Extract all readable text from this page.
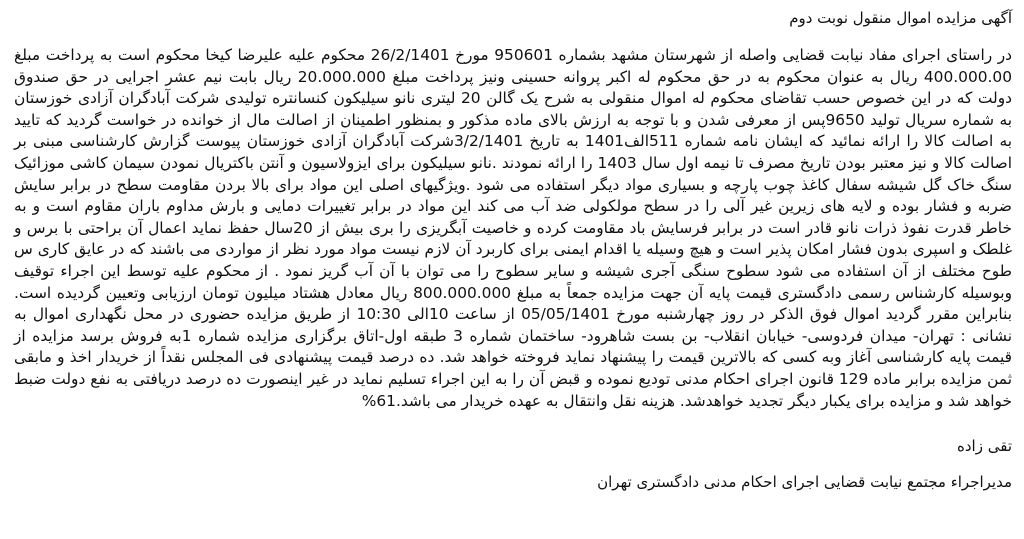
آگهی مزایده اموال منقول نوبت دوم

در راستای اجرای مفاد نیابت قضایی واصله از شهرستان مشهد بشماره 950601 مورخ 26/2/1401 محکوم علیه علیرضا کیخا محکوم است به پرداخت مبلغ 400.000.00 ریال به عنوان محکوم به در حق محکوم له اکبر پروانه حسینی ونیز پرداخت مبلغ 20.000.000 ریال بابت نیم عشر اجرایی در حق صندوق دولت که در این خصوص حسب تقاضای محکوم له اموال منقولی به شرح یک گالن 20 لیتری نانو سیلیکون کنسانتره تولیدی شرکت آبادگران آزادی خوزستان به شماره سریال تولید 9650پس از معرفی شدن و با توجه به ارزش بالای ماده مذکور و بمنظور اطمینان از اصالت مال از خوانده در خواست گردید که تایید به اصالت کالا را ارائه نمائید که ایشان نامه شماره 511الف1401 به تاریخ 3/2/1401شرکت آبادگران آزادی خوزستان پیوست گزارش کارشناسی مبنی بر اصالت کالا و نیز معتبر بودن تاریخ مصرف تا نیمه اول سال 1403 را ارائه نمودند .نانو سیلیکون برای ایزولاسیون و آنتن باکتریال نمودن سیمان کاشی موزائیک سنگ خاک گل شیشه سفال کاغذ چوب پارچه و بسیاری مواد دیگر استفاده می شود .ویژگیهای اصلی این مواد برای بالا بردن مقاومت سطح در برابر سایش ضربه و فشار بوده و لایه های زیرین غیر آلی را در سطح مولکولی ضد آب می کند این مواد در برابر تغییرات دمایی و بارش مداوم باران مقاوم است و به خاطر قدرت نفوذ ذرات نانو قادر است در برابر فرسایش باد مقاومت کرده و خاصیت آبگریزی را بری بیش از 20سال حفظ نماید اعمال آن براحتی با برس و غلطک و اسپری بدون فشار امکان پذیر است و هیچ وسیله یا اقدام ایمنی برای کاربرد آن لازم نیست مواد مورد نظر از مواردی می باشند که در عایق کاری س طوح مختلف از آن استفاده می شود سطوح سنگی آجری شیشه و سایر سطوح را می توان با آن آب گریز نمود . از محکوم علیه توسط این اجراء توقیف وبوسیله کارشناس رسمی دادگستری قیمت پایه آن جهت مزایده جمعاً به مبلغ 800.000.000 ریال معادل هشتاد میلیون تومان ارزیابی وتعیین گردیده است. بنابراین مقرر گردید اموال فوق الذکر در روز چهارشنبه مورخ 05/05/1401 از ساعت 10الی 10:30 از طریق مزایده حضوری در محل نگهداری اموال به نشانی : تهران- میدان فردوسی- خیابان انقلاب- بن بست شاهرود- ساختمان شماره 3 طبقه اول-اتاق برگزاری مزایده شماره 1به فروش برسد مزایده از قیمت پایه کارشناسی آغاز وبه کسی که بالاترین قیمت را پیشنهاد نماید فروخته خواهد شد. ده درصد قیمت پیشنهادی فی المجلس نقداً از خریدار اخذ و مابقی ثمن مزایده برابر ماده 129 قانون اجرای احکام مدنی تودیع نموده و قبض آن را به این اجراء تسلیم نماید در غیر اینصورت ده درصد دریافتی به نفع دولت ضبط خواهد شد و مزایده برای یکبار دیگر تجدید خواهدشد. هزینه نقل وانتقال به عهده خریدار می باشد.61%

تقی زاده
مدیراجراء مجتمع نیابت قضایی اجرای احکام مدنی دادگستری تهران
